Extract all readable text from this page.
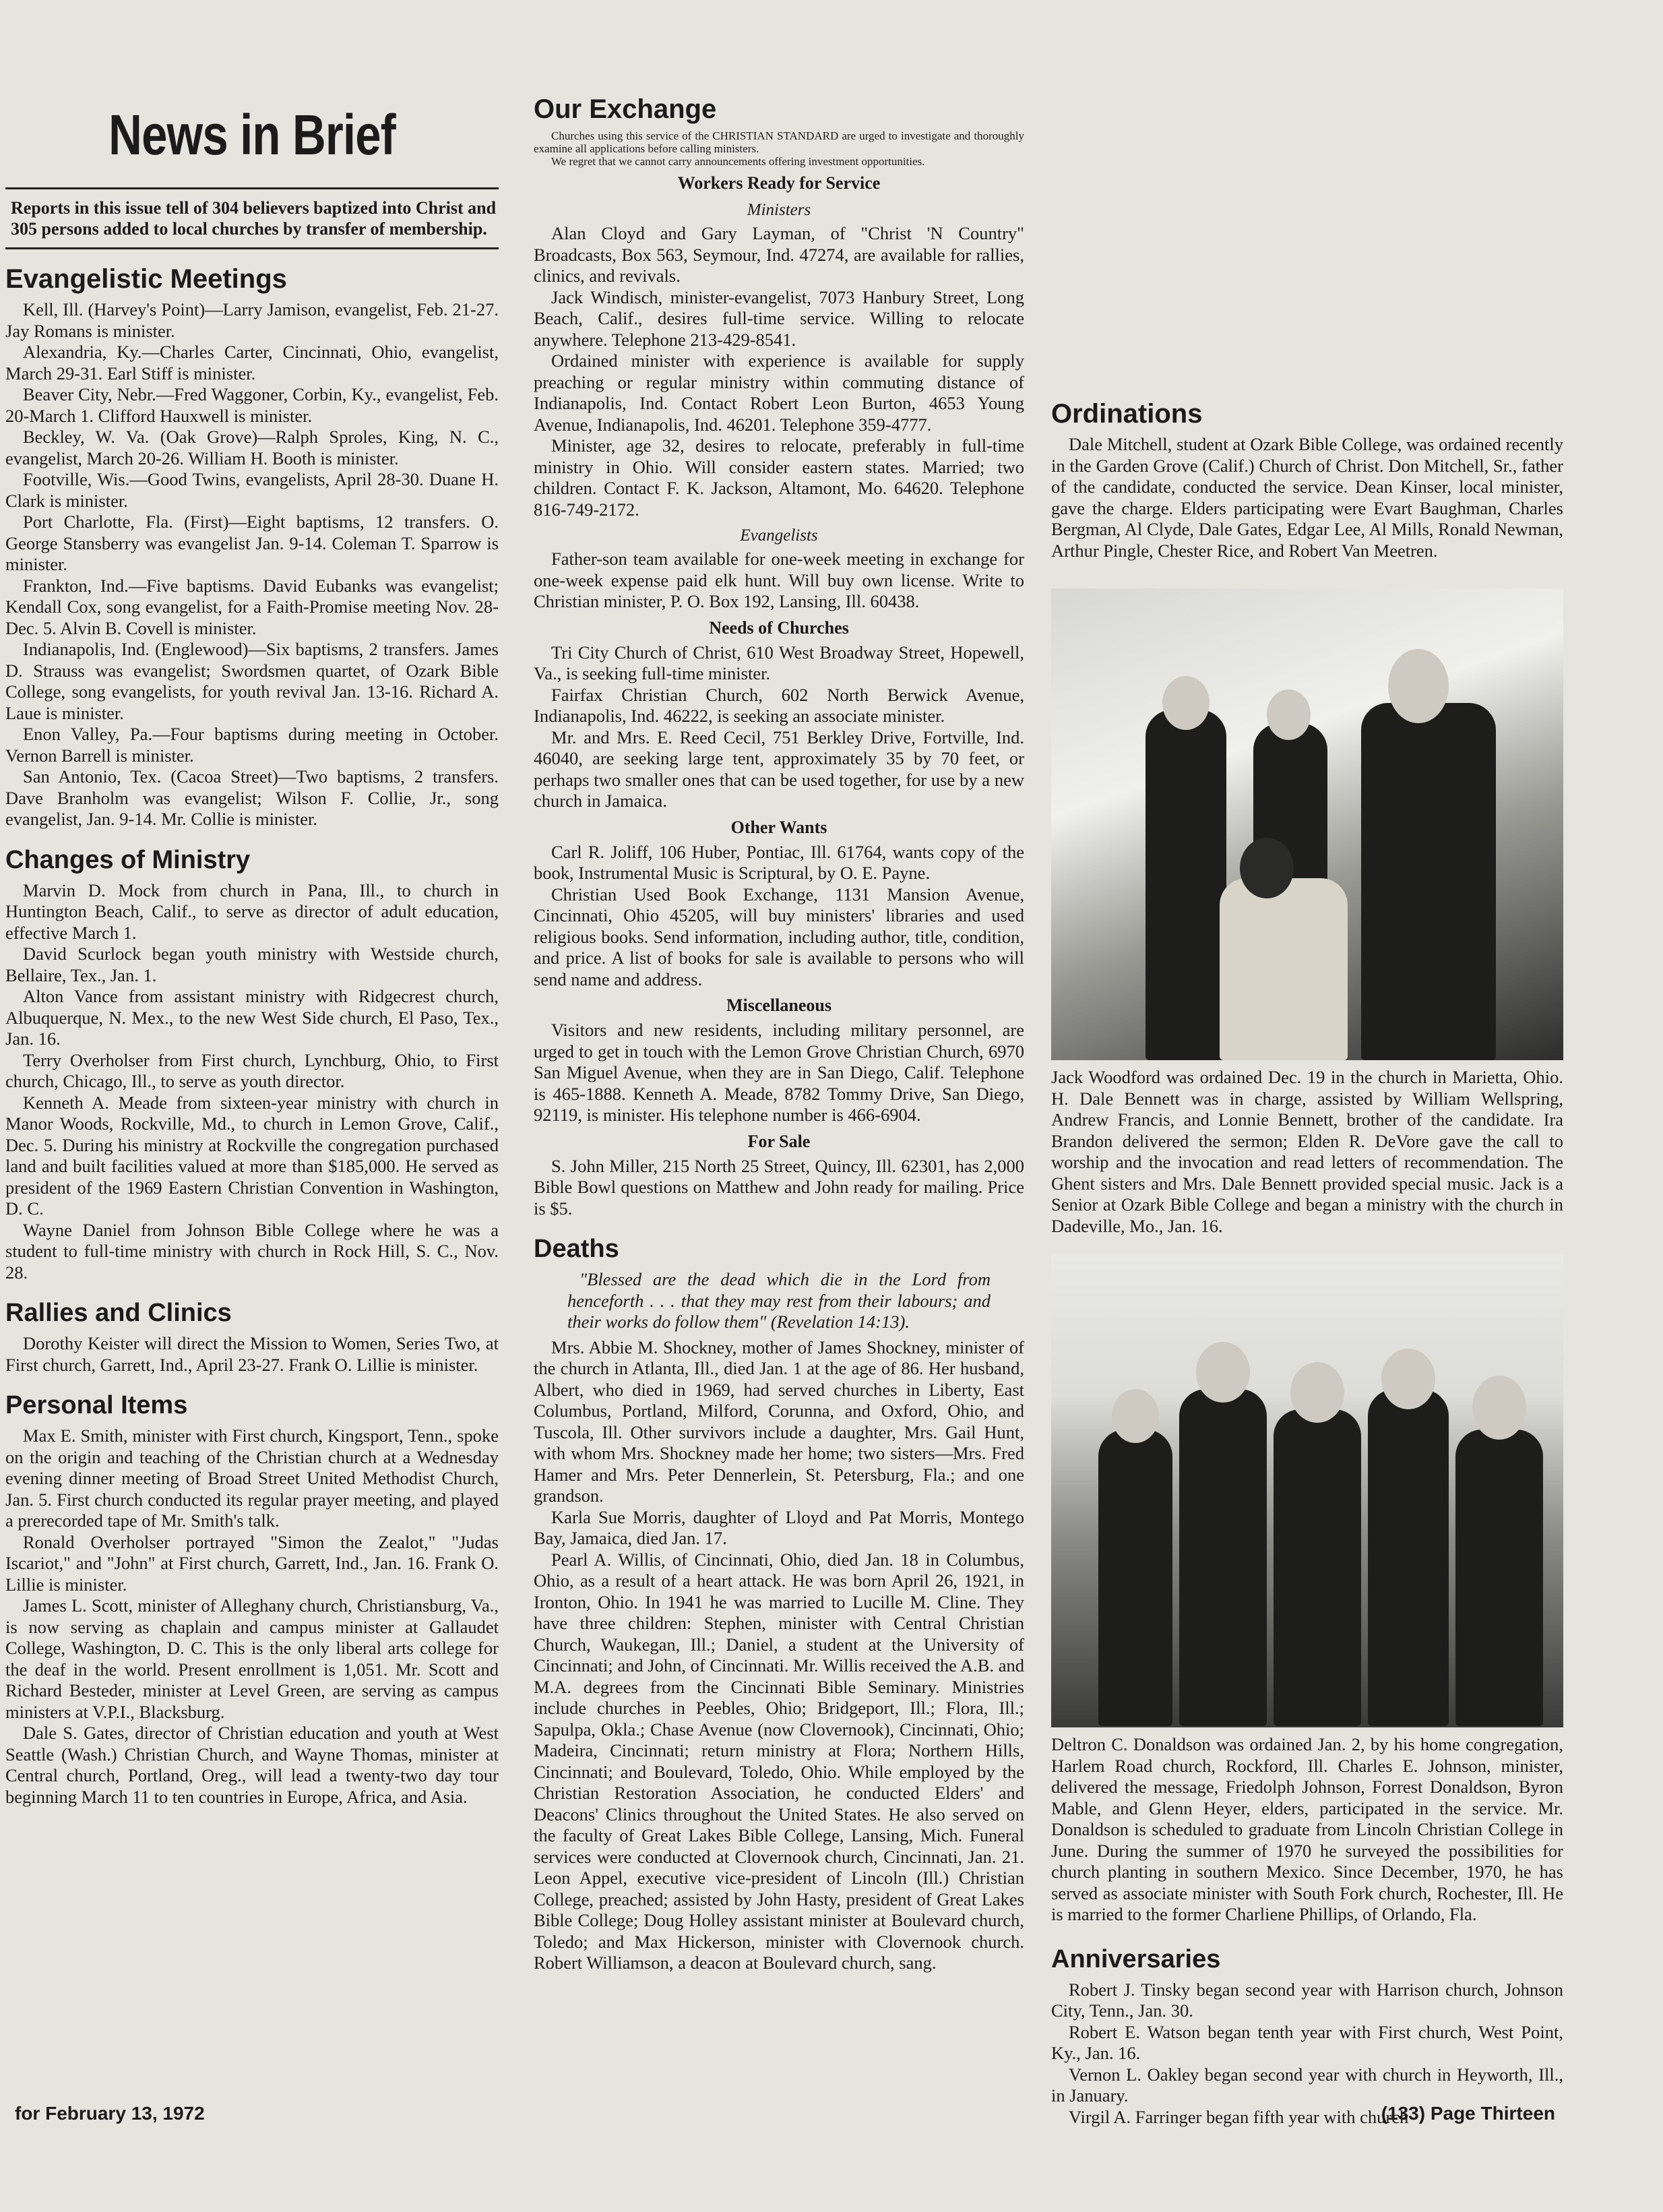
News in Brief
Reports in this issue tell of 304 believers baptized into Christ and 305 persons added to local churches by transfer of membership.
Evangelistic Meetings

Kell, Ill. (Harvey's Point)—Larry Jamison, evangelist, Feb. 21-27. Jay Romans is minister.

Alexandria, Ky.—Charles Carter, Cincinnati, Ohio, evangelist, March 29-31. Earl Stiff is minister.

Beaver City, Nebr.—Fred Waggoner, Corbin, Ky., evangelist, Feb. 20-March 1. Clifford Hauxwell is minister.

Beckley, W. Va. (Oak Grove)—Ralph Sproles, King, N. C., evangelist, March 20-26. William H. Booth is minister.

Footville, Wis.—Good Twins, evangelists, April 28-30. Duane H. Clark is minister.

Port Charlotte, Fla. (First)—Eight baptisms, 12 transfers. O. George Stansberry was evangelist Jan. 9-14. Coleman T. Sparrow is minister.

Frankton, Ind.—Five baptisms. David Eubanks was evangelist; Kendall Cox, song evangelist, for a Faith-Promise meeting Nov. 28-Dec. 5. Alvin B. Covell is minister.

Indianapolis, Ind. (Englewood)—Six baptisms, 2 transfers. James D. Strauss was evangelist; Swordsmen quartet, of Ozark Bible College, song evangelists, for youth revival Jan. 13-16. Richard A. Laue is minister.

Enon Valley, Pa.—Four baptisms during meeting in October. Vernon Barrell is minister.

San Antonio, Tex. (Cacoa Street)—Two baptisms, 2 transfers. Dave Branholm was evangelist; Wilson F. Collie, Jr., song evangelist, Jan. 9-14. Mr. Collie is minister.

Changes of Ministry

Marvin D. Mock from church in Pana, Ill., to church in Huntington Beach, Calif., to serve as director of adult education, effective March 1.

David Scurlock began youth ministry with Westside church, Bellaire, Tex., Jan. 1.

Alton Vance from assistant ministry with Ridgecrest church, Albuquerque, N. Mex., to the new West Side church, El Paso, Tex., Jan. 16.

Terry Overholser from First church, Lynchburg, Ohio, to First church, Chicago, Ill., to serve as youth director.

Kenneth A. Meade from sixteen-year ministry with church in Manor Woods, Rockville, Md., to church in Lemon Grove, Calif., Dec. 5. During his ministry at Rockville the congregation purchased land and built facilities valued at more than $185,000. He served as president of the 1969 Eastern Christian Convention in Washington, D. C.

Wayne Daniel from Johnson Bible College where he was a student to full-time ministry with church in Rock Hill, S. C., Nov. 28.

Rallies and Clinics

Dorothy Keister will direct the Mission to Women, Series Two, at First church, Garrett, Ind., April 23-27. Frank O. Lillie is minister.

Personal Items

Max E. Smith, minister with First church, Kingsport, Tenn., spoke on the origin and teaching of the Christian church at a Wednesday evening dinner meeting of Broad Street United Methodist Church, Jan. 5. First church conducted its regular prayer meeting, and played a prerecorded tape of Mr. Smith's talk.

Ronald Overholser portrayed "Simon the Zealot," "Judas Iscariot," and "John" at First church, Garrett, Ind., Jan. 16. Frank O. Lillie is minister.

James L. Scott, minister of Alleghany church, Christiansburg, Va., is now serving as chaplain and campus minister at Gallaudet College, Washington, D. C. This is the only liberal arts college for the deaf in the world. Present enrollment is 1,051. Mr. Scott and Richard Besteder, minister at Level Green, are serving as campus ministers at V.P.I., Blacksburg.

Dale S. Gates, director of Christian education and youth at West Seattle (Wash.) Christian Church, and Wayne Thomas, minister at Central church, Portland, Oreg., will lead a twenty-two day tour beginning March 11 to ten countries in Europe, Africa, and Asia.

Our Exchange

Churches using this service of the CHRISTIAN STANDARD are urged to investigate and thoroughly examine all applications before calling ministers.

We regret that we cannot carry announcements offering investment opportunities.

Workers Ready for Service
Ministers

Alan Cloyd and Gary Layman, of "Christ 'N Country" Broadcasts, Box 563, Seymour, Ind. 47274, are available for rallies, clinics, and revivals.

Jack Windisch, minister-evangelist, 7073 Hanbury Street, Long Beach, Calif., desires full-time service. Willing to relocate anywhere. Telephone 213-429-8541.

Ordained minister with experience is available for supply preaching or regular ministry within commuting distance of Indianapolis, Ind. Contact Robert Leon Burton, 4653 Young Avenue, Indianapolis, Ind. 46201. Telephone 359-4777.

Minister, age 32, desires to relocate, preferably in full-time ministry in Ohio. Will consider eastern states. Married; two children. Contact F. K. Jackson, Altamont, Mo. 64620. Telephone 816-749-2172.

Evangelists

Father-son team available for one-week meeting in exchange for one-week expense paid elk hunt. Will buy own license. Write to Christian minister, P. O. Box 192, Lansing, Ill. 60438.

Needs of Churches

Tri City Church of Christ, 610 West Broadway Street, Hopewell, Va., is seeking full-time minister.

Fairfax Christian Church, 602 North Berwick Avenue, Indianapolis, Ind. 46222, is seeking an associate minister.

Mr. and Mrs. E. Reed Cecil, 751 Berkley Drive, Fortville, Ind. 46040, are seeking large tent, approximately 35 by 70 feet, or perhaps two smaller ones that can be used together, for use by a new church in Jamaica.

Other Wants

Carl R. Joliff, 106 Huber, Pontiac, Ill. 61764, wants copy of the book, Instrumental Music is Scriptural, by O. E. Payne.

Christian Used Book Exchange, 1131 Mansion Avenue, Cincinnati, Ohio 45205, will buy ministers' libraries and used religious books. Send information, including author, title, condition, and price. A list of books for sale is available to persons who will send name and address.

Miscellaneous

Visitors and new residents, including military personnel, are urged to get in touch with the Lemon Grove Christian Church, 6970 San Miguel Avenue, when they are in San Diego, Calif. Telephone is 465-1888. Kenneth A. Meade, 8782 Tommy Drive, San Diego, 92119, is minister. His telephone number is 466-6904.

For Sale

S. John Miller, 215 North 25 Street, Quincy, Ill. 62301, has 2,000 Bible Bowl questions on Matthew and John ready for mailing. Price is $5.

Deaths

"Blessed are the dead which die in the Lord from henceforth . . . that they may rest from their labours; and their works do follow them" (Revelation 14:13).

Mrs. Abbie M. Shockney, mother of James Shockney, minister of the church in Atlanta, Ill., died Jan. 1 at the age of 86. Her husband, Albert, who died in 1969, had served churches in Liberty, East Columbus, Portland, Milford, Corunna, and Oxford, Ohio, and Tuscola, Ill. Other survivors include a daughter, Mrs. Gail Hunt, with whom Mrs. Shockney made her home; two sisters—Mrs. Fred Hamer and Mrs. Peter Dennerlein, St. Petersburg, Fla.; and one grandson.

Karla Sue Morris, daughter of Lloyd and Pat Morris, Montego Bay, Jamaica, died Jan. 17.

Pearl A. Willis, of Cincinnati, Ohio, died Jan. 18 in Columbus, Ohio, as a result of a heart attack. He was born April 26, 1921, in Ironton, Ohio. In 1941 he was married to Lucille M. Cline. They have three children: Stephen, minister with Central Christian Church, Waukegan, Ill.; Daniel, a student at the University of Cincinnati; and John, of Cincinnati. Mr. Willis received the A.B. and M.A. degrees from the Cincinnati Bible Seminary. Ministries include churches in Peebles, Ohio; Bridgeport, Ill.; Flora, Ill.; Sapulpa, Okla.; Chase Avenue (now Clovernook), Cincinnati, Ohio; Madeira, Cincinnati; return ministry at Flora; Northern Hills, Cincinnati; and Boulevard, Toledo, Ohio. While employed by the Christian Restoration Association, he conducted Elders' and Deacons' Clinics throughout the United States. He also served on the faculty of Great Lakes Bible College, Lansing, Mich. Funeral services were conducted at Clovernook church, Cincinnati, Jan. 21. Leon Appel, executive vice-president of Lincoln (Ill.) Christian College, preached; assisted by John Hasty, president of Great Lakes Bible College; Doug Holley assistant minister at Boulevard church, Toledo; and Max Hickerson, minister with Clovernook church. Robert Williamson, a deacon at Boulevard church, sang.

Ordinations

Dale Mitchell, student at Ozark Bible College, was ordained recently in the Garden Grove (Calif.) Church of Christ. Don Mitchell, Sr., father of the candidate, conducted the service. Dean Kinser, local minister, gave the charge. Elders participating were Evart Baughman, Charles Bergman, Al Clyde, Dale Gates, Edgar Lee, Al Mills, Ronald Newman, Arthur Pingle, Chester Rice, and Robert Van Meetren.

Jack Woodford was ordained Dec. 19 in the church in Marietta, Ohio. H. Dale Bennett was in charge, assisted by William Wellspring, Andrew Francis, and Lonnie Bennett, brother of the candidate. Ira Brandon delivered the sermon; Elden R. DeVore gave the call to worship and the invocation and read letters of recommendation. The Ghent sisters and Mrs. Dale Bennett provided special music. Jack is a Senior at Ozark Bible College and began a ministry with the church in Dadeville, Mo., Jan. 16.
Deltron C. Donaldson was ordained Jan. 2, by his home congregation, Harlem Road church, Rockford, Ill. Charles E. Johnson, minister, delivered the message, Friedolph Johnson, Forrest Donaldson, Byron Mable, and Glenn Heyer, elders, participated in the service. Mr. Donaldson is scheduled to graduate from Lincoln Christian College in June. During the summer of 1970 he surveyed the possibilities for church planting in southern Mexico. Since December, 1970, he has served as associate minister with South Fork church, Rochester, Ill. He is married to the former Charliene Phillips, of Orlando, Fla.
Anniversaries

Robert J. Tinsky began second year with Harrison church, Johnson City, Tenn., Jan. 30.

Robert E. Watson began tenth year with First church, West Point, Ky., Jan. 16.

Vernon L. Oakley began second year with church in Heyworth, Ill., in January.

Virgil A. Farringer began fifth year with church

for February 13, 1972	(133) Page Thirteen
